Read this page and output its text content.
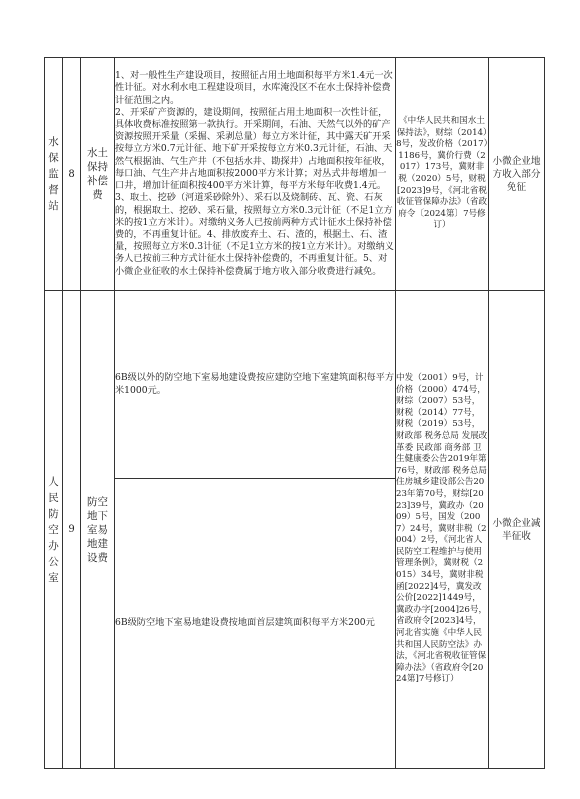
水保监督站	8	水土保持补偿费	1、对一般性生产建设项目，按照征占用土地面积每平方米1.4元一次性计征。对水利水电工程建设项目，水库淹没区不在水土保持补偿费计征范围之内。

2、开采矿产资源的，建设期间，按照征占用土地面积一次性计征，具体收费标准按照第一款执行。开采期间，石油、天然气以外的矿产资源按照开采量（采掘、采剥总量）每立方米计征，其中露天矿开采按每立方米0.7元计征、地下矿开采按每立方米0.3元计征，石油、天然气根据油、气生产井（不包括水井、勘探井）占地面积按年征收，每口油、气生产井占地面积按2000平方米计算；对丛式井每增加一口井，增加计征面积按400平方米计算，每平方米每年收费1.4元。3、取土、挖砂（河道采砂除外）、采石以及烧制砖、瓦、瓷、石灰的，根据取土、挖砂、采石量，按照每立方米0.3元计征（不足1立方米的按1立方米计）。对缴纳义务人已按前两种方式计征水土保持补偿费的，不再重复计征。4、排放废弃土、石、渣的，根据土、石、渣量，按照每立方米0.3计征（不足1立方米的按1立方米计）。对缴纳义务人已按前三种方式计征水土保持补偿费的，不再重复计征。5、对小微企业征收的水土保持补偿费属于地方收入部分收费进行减免。	《中华人民共和国水土保持法》，财综（2014）8号，发改价格（2017）1186号，冀价行费（2017）173号，冀财非税（2020）5号，财税[2023]9号，《河北省税收征管保障办法》（省政府令〔2024第〕7号修订）	小微企业地方收入部分免征

人民防空办公室	9	防空地下室易地建设费	6B级以外的防空地下室易地建设费按应建防空地下室建筑面积每平方米1000元。	中发（2001）9号，计价格（2000）474号，财综（2007）53号，财税（2014）77号，财税（2019）53号，财政部 税务总局 发展改革委 民政部 商务部 卫生健康委公告2019年第76号，财政部 税务总局 住房城乡建设部公告2023年第70号，财综[2023]39号，冀政办（2009）5号，国发（2007）24号，冀财非税（2004）2号，《河北省人民防空工程维护与使用管理条例》，冀财税（2015）34号，冀财非税函[2022]4号，冀发改公价[2022]1449号，冀政办字[2004]26号，省政府令[2023]4号，河北省实施《中华人民共和国人民防空法》办法，《河北省税收征管保障办法》（省政府令[2024第]7号修订）	小微企业减半征收

			6B级防空地下室易地建设费按地面首层建筑面积每平方米200元		
